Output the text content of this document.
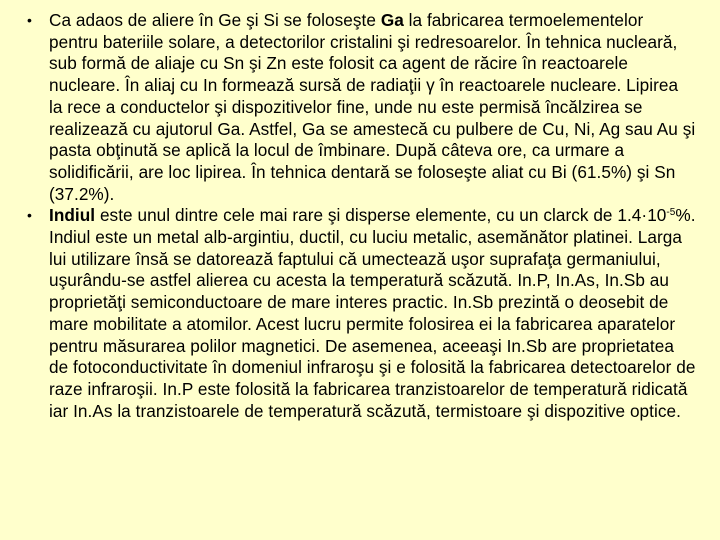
• Ca adaos de aliere în Ge şi Si se foloseşte Ga la fabricarea termoelementelor pentru bateriile solare, a detectorilor cristalini şi redresoarelor. În tehnica nucleară, sub formă de aliaje cu Sn şi Zn este folosit ca agent de răcire în reactoarele nucleare. În aliaj cu In formează sursă de radiaţii γ în reactoarele nucleare. Lipirea la rece a conductelor şi dispozitivelor fine, unde nu este permisă încălzirea se realizează cu ajutorul Ga. Astfel, Ga se amestecă cu pulbere de Cu, Ni, Ag sau Au şi pasta obţinută se aplică la locul de îmbinare. După câteva ore, ca urmare a solidificării, are loc lipirea. În tehnica dentară se foloseşte aliat cu Bi (61.5%) şi Sn (37.2%).
• Indiul este unul dintre cele mai rare şi disperse elemente, cu un clarck de $1.4\cdot 10^{-5}\%$. Indiul este un metal alb-argintiu, ductil, cu luciu metalic, asemănător platinei. Larga lui utilizare însă se datorează faptului că umectează uşor suprafaţa germaniului, uşurându-se astfel alierea cu acesta la temperatură scăzută. In.P, In.As, In.Sb au proprietăţi semiconductoare de mare interes practic. In.Sb prezintă o deosebit de mare mobilitate a atomilor. Acest lucru permite folosirea ei la fabricarea aparatelor pentru măsurarea polilor magnetici. De asemenea, aceeaşi In.Sb are proprietatea de fotoconductivitate în domeniul infraroşu şi e folosită la fabricarea detectoarelor de raze infraroşii. In.P este folosită la fabricarea tranzistoarelor de temperatură ridicată iar In.As la tranzistoarele de temperatură scăzută, termistoare şi dispozitive optice.
